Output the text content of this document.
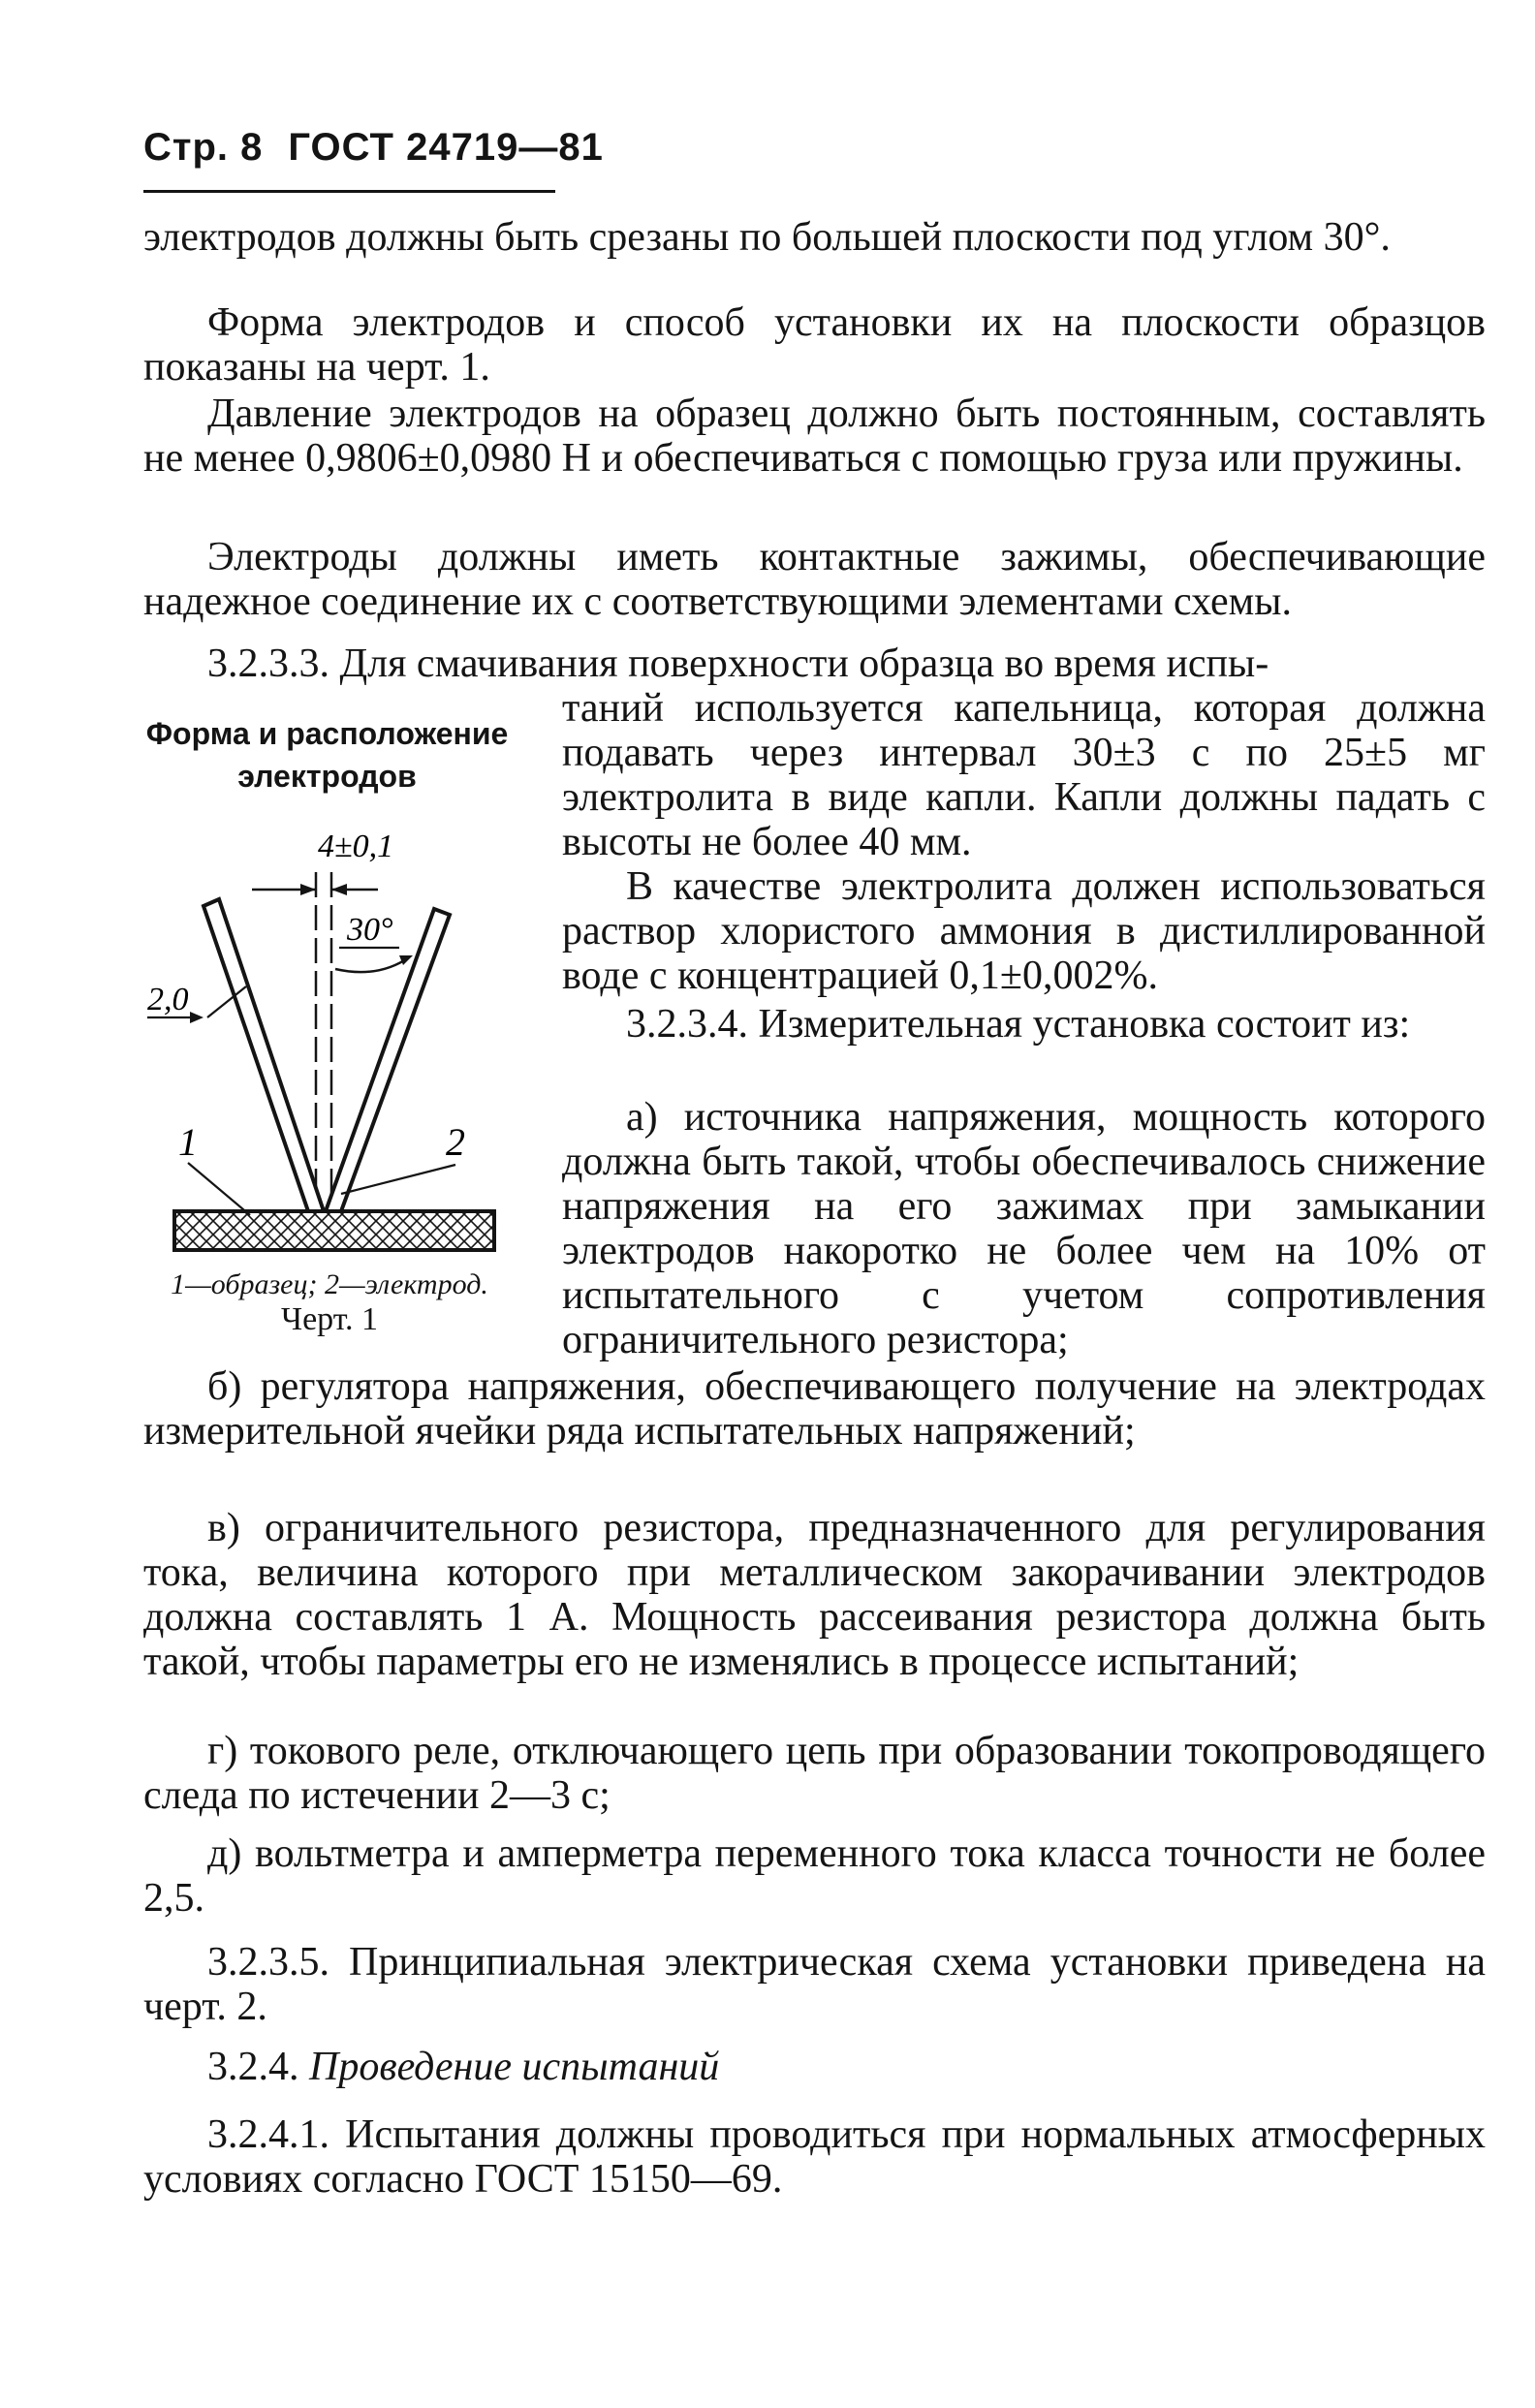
Стр. 8 ГОСТ 24719—81

электродов должны быть срезаны по большей плоскости под углом 30°.

Форма электродов и способ установки их на плоскости образцов показаны на черт. 1.

Давление электродов на образец должно быть постоянным, составлять не менее 0,9806±0,0980 Н и обеспечиваться с помощью груза или пружины.

Электроды должны иметь контактные зажимы, обеспечивающие надежное соединение их с соответствующими элементами схемы.

3.2.3.3. Для смачивания поверхности образца во время испы-

Форма и расположение электродов
4±0,1
30°
2,0
1	2
1—образец; 2—электрод.
Черт. 1

таний используется капельница, которая должна подавать через интервал 30±3 с по 25±5 мг электролита в виде капли. Капли должны падать с высоты не более 40 мм.

В качестве электролита должен использоваться раствор хлористого аммония в дистиллированной воде с концентрацией 0,1±0,002%.

3.2.3.4. Измерительная установка состоит из:

а) источника напряжения, мощность которого должна быть такой, чтобы обеспечивалось снижение напряжения на его зажимах при замыкании электродов накоротко не более чем на 10% от испытательного с учетом сопротивления ограничительного резистора;

б) регулятора напряжения, обеспечивающего получение на электродах измерительной ячейки ряда испытательных напряжений;

в) ограничительного резистора, предназначенного для регулирования тока, величина которого при металлическом закорачивании электродов должна составлять 1 А. Мощность рассеивания резистора должна быть такой, чтобы параметры его не изменялись в процессе испытаний;

г) токового реле, отключающего цепь при образовании токопроводящего следа по истечении 2—3 с;

д) вольтметра и амперметра переменного тока класса точности не более 2,5.

3.2.3.5. Принципиальная электрическая схема установки приведена на черт. 2.

3.2.4. Проведение испытаний

3.2.4.1. Испытания должны проводиться при нормальных атмосферных условиях согласно ГОСТ 15150—69.
